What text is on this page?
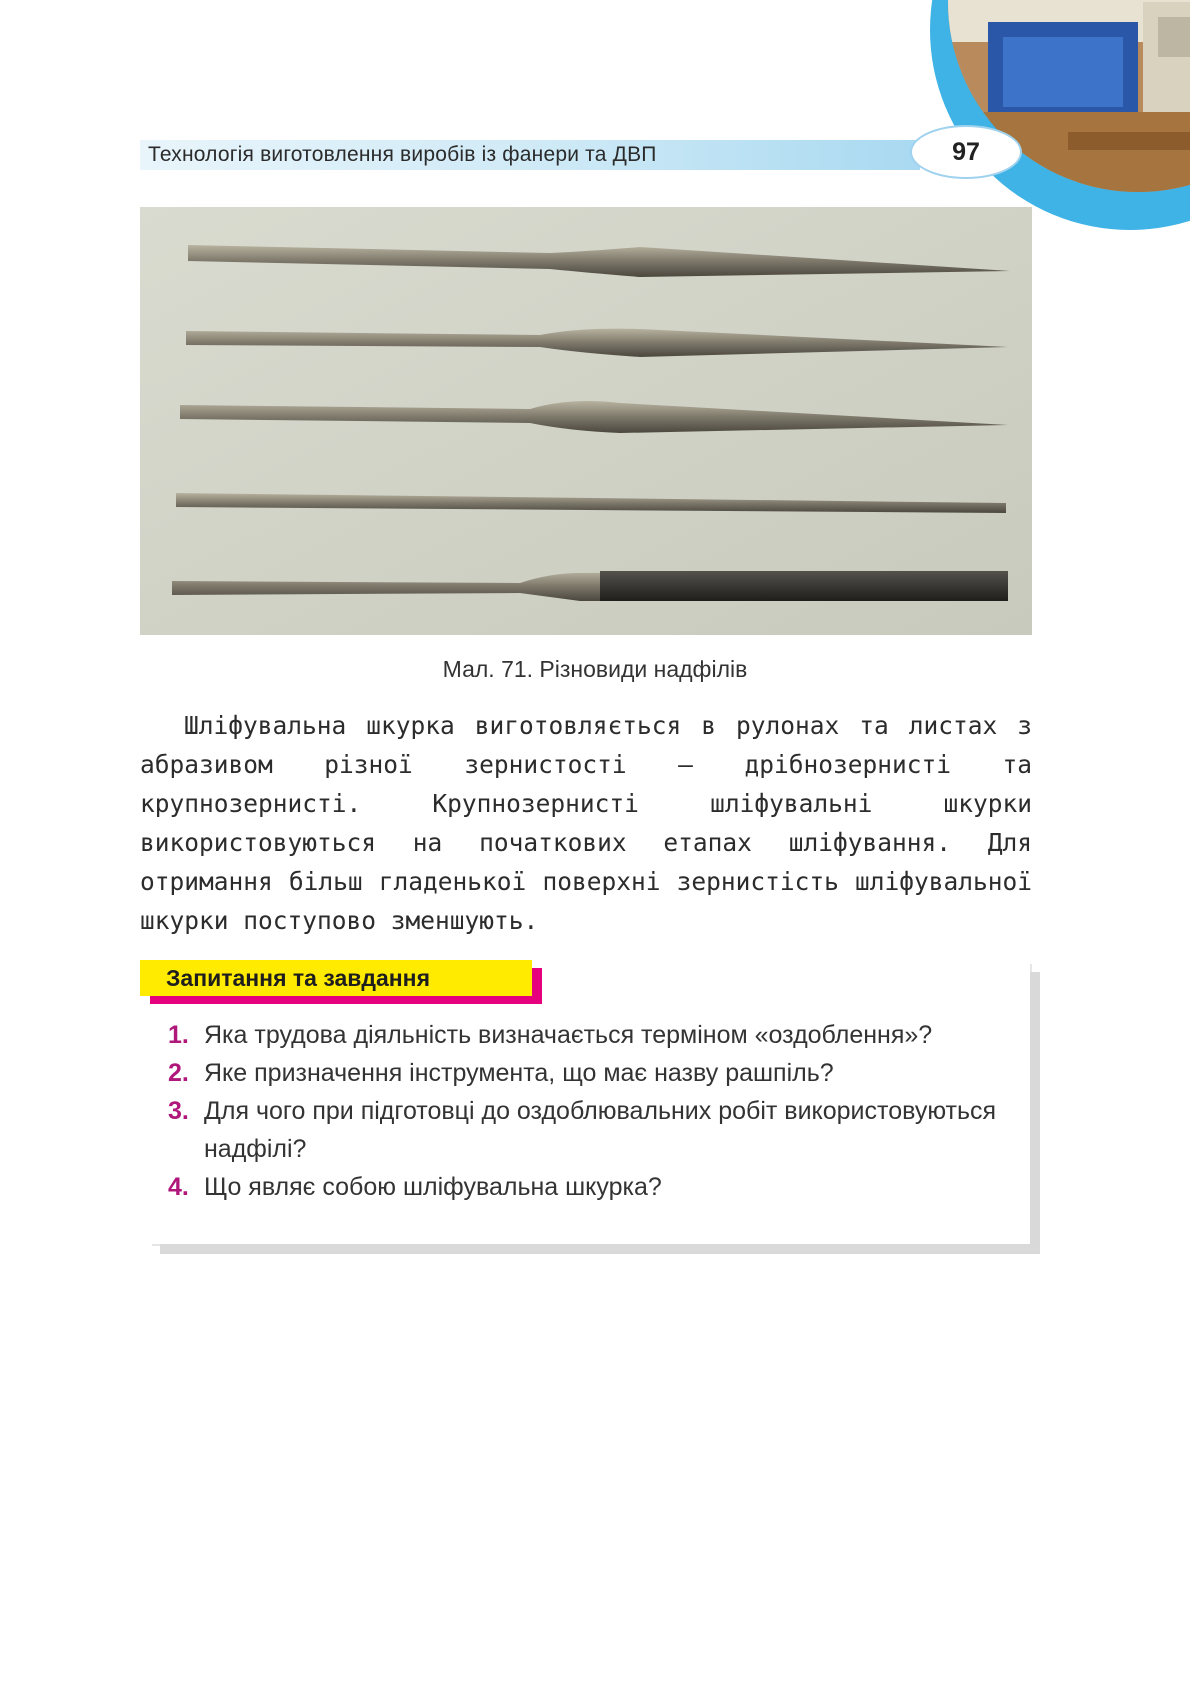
Технологія виготовлення виробів із фанери та ДВП	97
Мал. 71. Різновиди надфілів
Шліфувальна шкурка виготовляється в рулонах та листах з абразивом різної зернистості — дрібнозернисті та крупнозернисті. Крупнозернисті шліфувальні шкурки використовуються на початкових етапах шліфування. Для отримання більш гладенької поверхні зернистість шліфувальної шкурки поступово зменшують.
Запитання та завдання
1. Яка трудова діяльність визначається терміном «оздоблення»?
2. Яке призначення інструмента, що має назву рашпіль?
3. Для чого при підготовці до оздоблювальних робіт використовуються надфілі?
4. Що являє собою шліфувальна шкурка?
